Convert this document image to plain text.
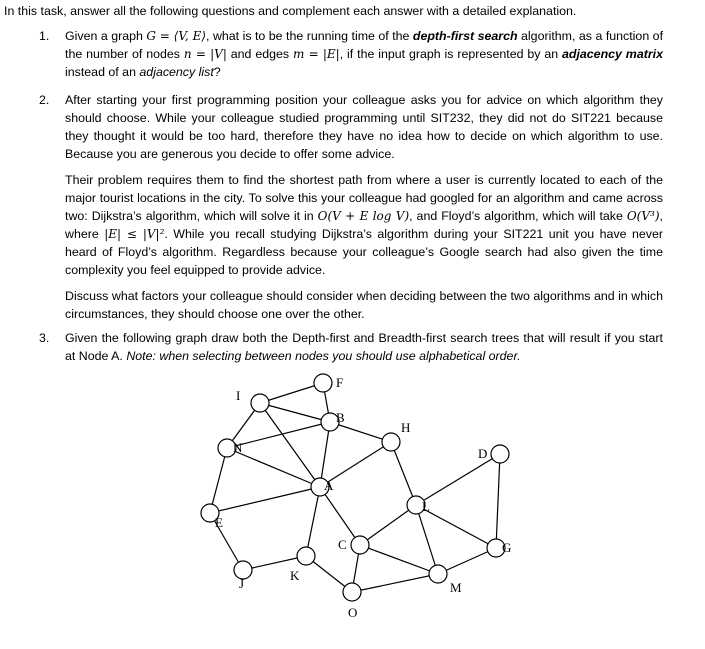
In this task, answer all the following questions and complement each answer with a detailed explanation.
1.	Given a graph G = ⟨V, E⟩, what is to be the running time of the depth-first search algorithm, as a function of the number of nodes n = |V| and edges m = |E|, if the input graph is represented by an adjacency matrix instead of an adjacency list?
2.	After starting your first programming position your colleague asks you for advice on which algorithm they should choose. While your colleague studied programming until SIT232, they did not do SIT221 because they thought it would be too hard, therefore they have no idea how to decide on which algorithm to use. Because you are generous you decide to offer some advice.

Their problem requires them to find the shortest path from where a user is currently located to each of the major tourist locations in the city. To solve this your colleague had googled for an algorithm and came across two: Dijkstra’s algorithm, which will solve it in O(V + E log V), and Floyd’s algorithm, which will take O(V³), where |E| ≤ |V|². While you recall studying Dijkstra’s algorithm during your SIT221 unit you have never heard of Floyd’s algorithm. Regardless because your colleague’s Google search had also given the time complexity you feel equipped to provide advice.

Discuss what factors your colleague should consider when deciding between the two algorithms and in which circumstances, they should choose one over the other.

3.	Given the following graph draw both the Depth-first and Breadth-first search trees that will result if you start at Node A. Note: when selecting between nodes you should use alphabetical order.
F
I
B
H
N	D
A
L
E
C	G
J
K
M
O
